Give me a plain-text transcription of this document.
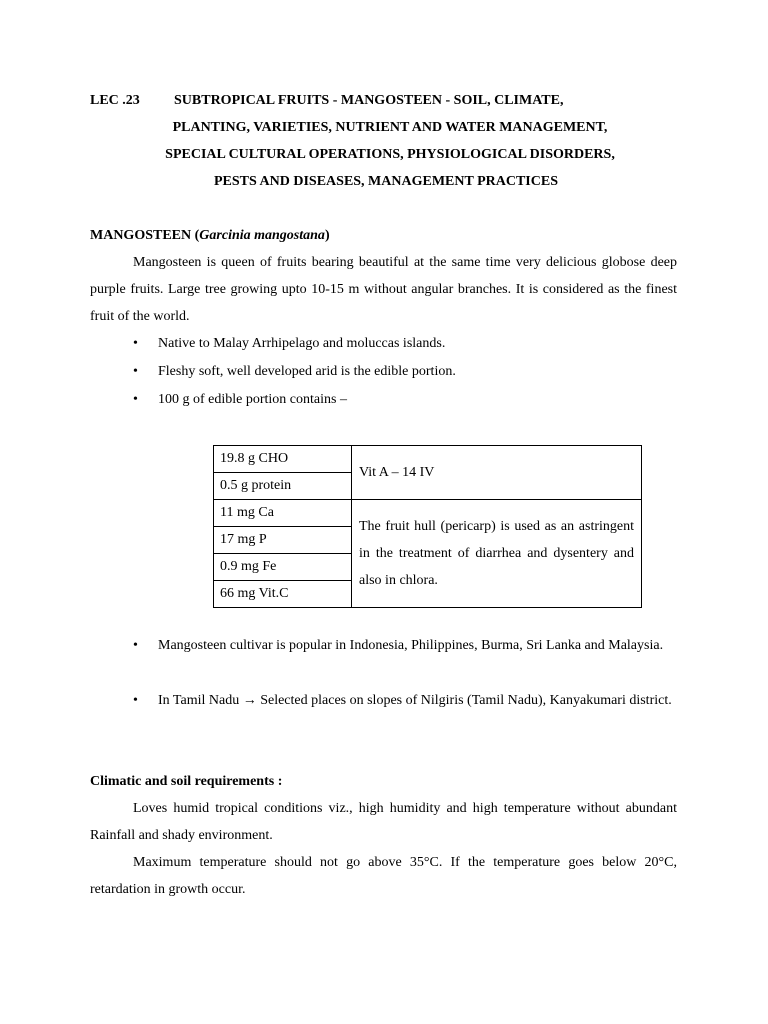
LEC .23 SUBTROPICAL FRUITS - MANGOSTEEN - SOIL, CLIMATE,
PLANTING, VARIETIES, NUTRIENT AND WATER MANAGEMENT,
SPECIAL CULTURAL OPERATIONS, PHYSIOLOGICAL DISORDERS,
PESTS AND DISEASES, MANAGEMENT PRACTICES
MANGOSTEEN (Garcinia mangostana)
Mangosteen is queen of fruits bearing beautiful at the same time very delicious globose deep purple fruits. Large tree growing upto 10-15 m without angular branches. It is considered as the finest fruit of the world.
• Native to Malay Arrhipelago and moluccas islands.
• Fleshy soft, well developed arid is the edible portion.
• 100 g of edible portion contains –
19.8 g CHO	Vit A – 14 IV
0.5 g protein	
11 mg Ca	The fruit hull (pericarp) is used as an astringent in the treatment of diarrhea and dysentery and also in chlora.

17 mg P	
0.9 mg Fe	
66 mg Vit.C	
• Mangosteen cultivar is popular in Indonesia, Philippines, Burma, Sri Lanka and Malaysia.
• In Tamil Nadu → Selected places on slopes of Nilgiris (Tamil Nadu), Kanyakumari district.
Climatic and soil requirements :
Loves humid tropical conditions viz., high humidity and high temperature without abundant Rainfall and shady environment.
Maximum temperature should not go above 35°C. If the temperature goes below 20°C, retardation in growth occur.
